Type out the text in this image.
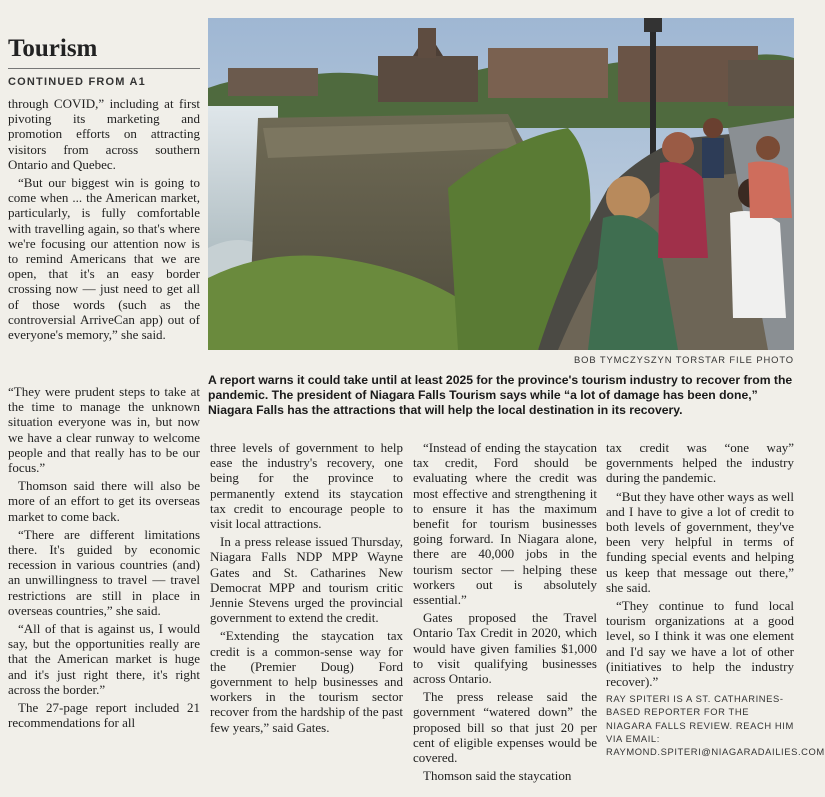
Tourism
CONTINUED FROM A1

through COVID,” including at first pivoting its marketing and promotion efforts on attracting visitors from across southern Ontario and Quebec.

“But our biggest win is going to come when ... the American market, particularly, is fully comfortable with travelling again, so that's where we're focusing our attention now is to remind Americans that we are open, that it's an easy border crossing now — just need to get all of those words (such as the controversial ArriveCan app) out of everyone's memory,” she said.

BOB TYMCZYSZYN TORSTAR FILE PHOTO
A report warns it could take until at least 2025 for the province's tourism industry to recover from the pandemic. The president of Niagara Falls Tourism says while “a lot of damage has been done,” Niagara Falls has the attractions that will help the local destination in its recovery.

“They were prudent steps to take at the time to manage the unknown situation everyone was in, but now we have a clear runway to welcome people and that really has to be our focus.”

Thomson said there will also be more of an effort to get its overseas market to come back.

“There are different limitations there. It's guided by economic recession in various countries (and) an unwillingness to travel — travel restrictions are still in place in overseas countries,” she said.

“All of that is against us, I would say, but the opportunities really are that the American market is huge and it's just right there, it's right across the border.”

The 27-page report included 21 recommendations for all

three levels of government to help ease the industry's recovery, one being for the province to permanently extend its staycation tax credit to encourage people to visit local attractions.

In a press release issued Thursday, Niagara Falls NDP MPP Wayne Gates and St. Catharines New Democrat MPP and tourism critic Jennie Stevens urged the provincial government to extend the credit.

“Extending the staycation tax credit is a common-sense way for the (Premier Doug) Ford government to help businesses and workers in the tourism sector recover from the hardship of the past few years,” said Gates.

“Instead of ending the staycation tax credit, Ford should be evaluating where the credit was most effective and strengthening it to ensure it has the maximum benefit for tourism businesses going forward. In Niagara alone, there are 40,000 jobs in the tourism sector — helping these workers out is absolutely essential.”

Gates proposed the Travel Ontario Tax Credit in 2020, which would have given families $1,000 to visit qualifying businesses across Ontario.

The press release said the government “watered down” the proposed bill so that just 20 per cent of eligible expenses would be covered.

Thomson said the staycation

tax credit was “one way” governments helped the industry during the pandemic.

“But they have other ways as well and I have to give a lot of credit to both levels of government, they've been very helpful in terms of funding special events and helping us keep that message out there,” she said.

“They continue to fund local tourism organizations at a good level, so I think it was one element and I'd say we have a lot of other (initiatives to help the industry recover).”

RAY SPITERI IS A ST. CATHARINES-BASED REPORTER FOR THE NIAGARA FALLS REVIEW. REACH HIM VIA EMAIL: RAYMOND.SPITERI@NIAGARADAILIES.COM
